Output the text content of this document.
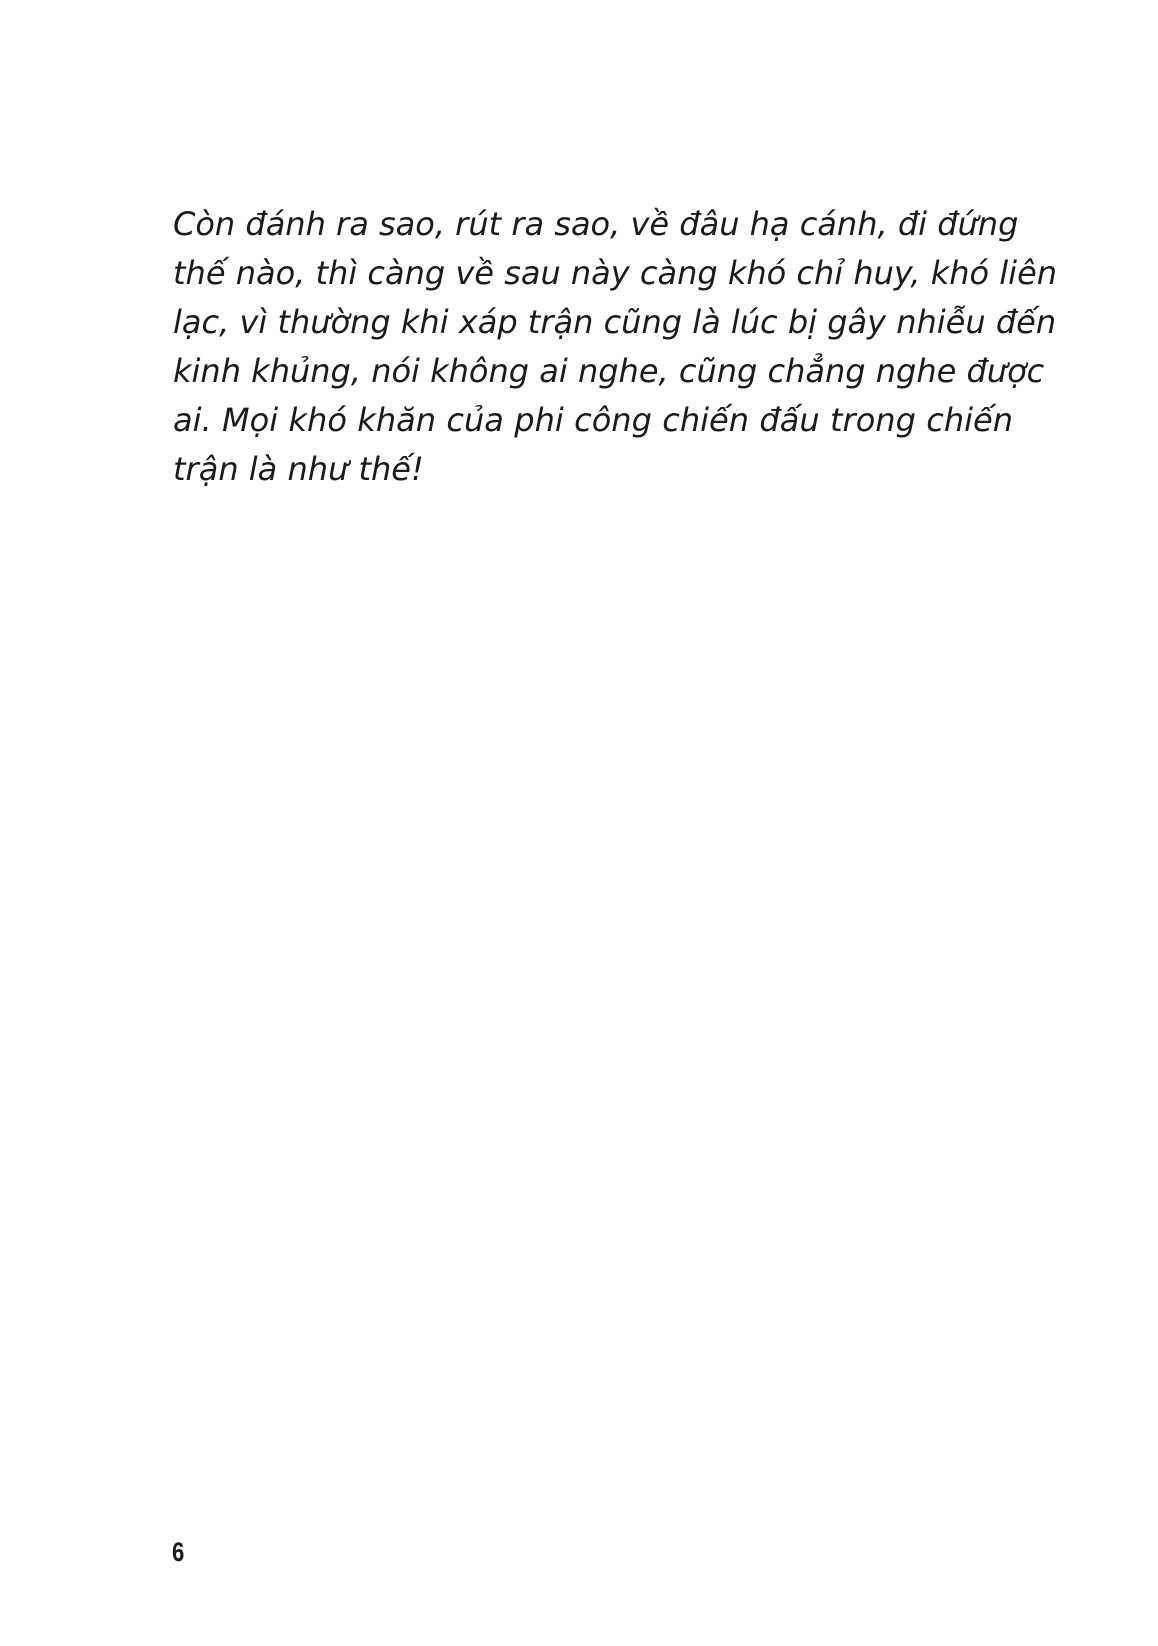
Còn đánh ra sao, rút ra sao, về đâu hạ cánh, đi đứng
thế nào, thì càng về sau này càng khó chỉ huy, khó liên
lạc, vì thường khi xáp trận cũng là lúc bị gây nhiễu đến
kinh khủng, nói không ai nghe, cũng chẳng nghe được
ai. Mọi khó khăn của phi công chiến đấu trong chiến
trận là như thế!

6
